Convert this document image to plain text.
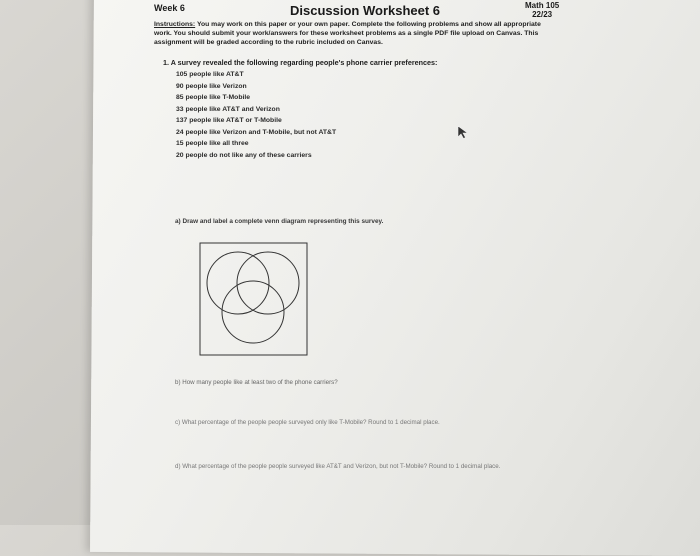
Week 6	Discussion Worksheet 6	Math 105
22/23
Instructions: You may work on this paper or your own paper. Complete the following problems and show all appropriate work. You should submit your work/answers for these worksheet problems as a single PDF file upload on Canvas. This assignment will be graded according to the rubric included on Canvas.
1. A survey revealed the following regarding people's phone carrier preferences:
105 people like AT&T
90 people like Verizon
85 people like T-Mobile
33 people like AT&T and Verizon
137 people like AT&T or T-Mobile
24 people like Verizon and T-Mobile, but not AT&T
15 people like all three
20 people do not like any of these carriers
a) Draw and label a complete venn diagram representing this survey.
b) How many people like at least two of the phone carriers?
c) What percentage of the people people surveyed only like T-Mobile? Round to 1 decimal place.
d) What percentage of the people people surveyed like AT&T and Verizon, but not T-Mobile? Round to 1 decimal place.
